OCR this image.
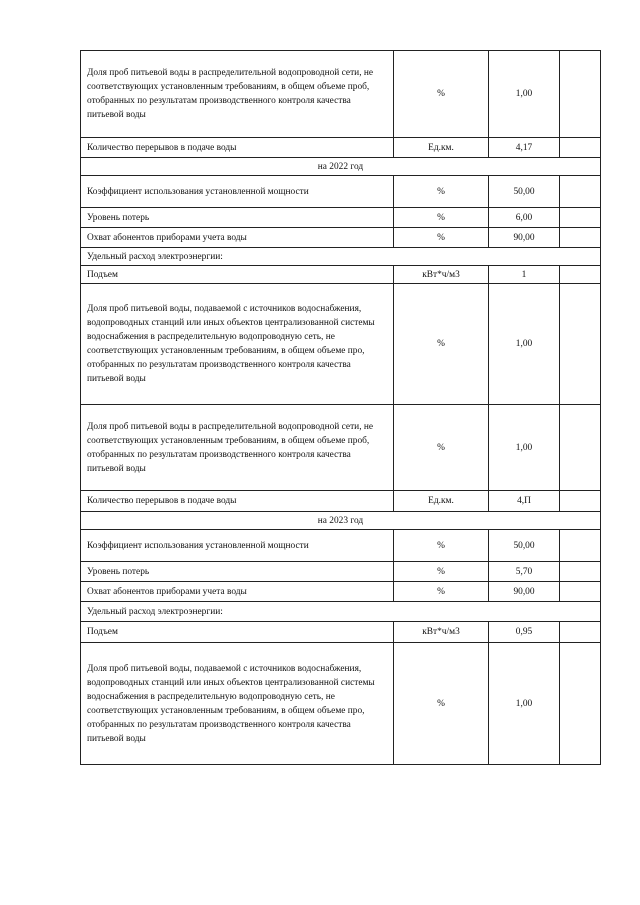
Доля проб питьевой воды в распределительной водопроводной сети, не соответствующих установленным требованиям, в общем объеме проб, отобранных по результатам производственного контроля качества питьевой воды	%	1,00	
Количество перерывов в подаче воды	Ед.км.	4,17	
на 2022 год			
Коэффициент использования установленной мощности	%	50,00	
Уровень потерь	%	6,00	
Охват абонентов приборами учета воды	%	90,00	
Удельный расход электроэнергии:			
Подъем	кВт*ч/м3	1	
Доля проб питьевой воды, подаваемой с источников водоснабжения, водопроводных станций или иных объектов централизованной системы водоснабжения в распределительную водопроводную сеть, не соответствующих установленным требованиям, в общем объеме про, отобранных по результатам производственного контроля качества питьевой воды	%	1,00	
Доля проб питьевой воды в распределительной водопроводной сети, не соответствующих установленным требованиям, в общем объеме проб, отобранных по результатам производственного контроля качества питьевой воды	%	1,00	
Количество перерывов в подаче воды	Ед.км.	4,П	
на 2023 год			
Коэффициент использования установленной мощности	%	50,00	
Уровень потерь	%	5,70	
Охват абонентов приборами учета воды	%	90,00	
Удельный расход электроэнергии:			
Подъем	кВт*ч/м3	0,95	
Доля проб питьевой воды, подаваемой с источников водоснабжения, водопроводных станций или иных объектов централизованной системы водоснабжения в распределительную водопроводную сеть, не соответствующих установленным требованиям, в общем объеме про, отобранных по результатам производственного контроля качества питьевой воды	%	1,00	
